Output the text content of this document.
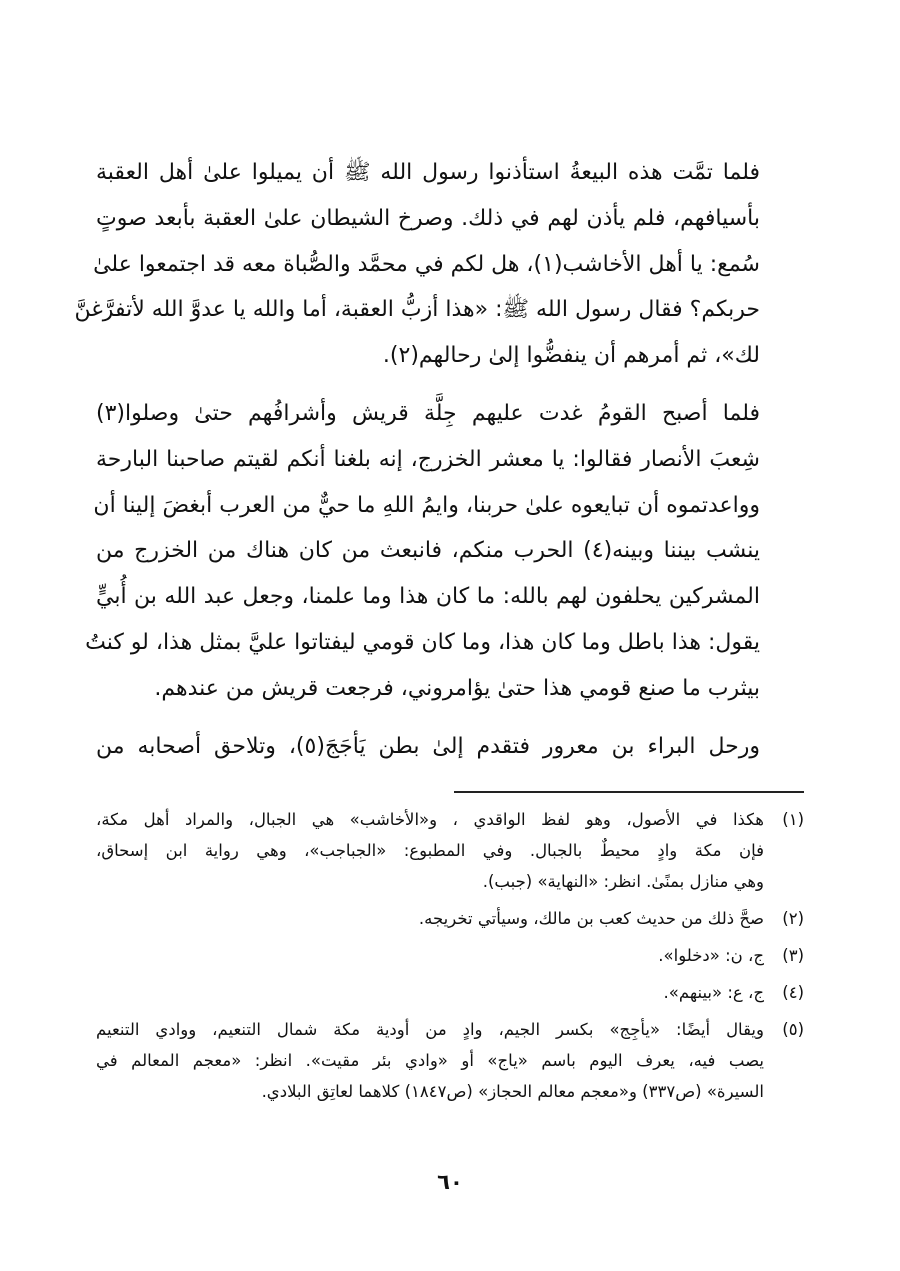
فلما تمَّت هذه البيعةُ استأذنوا رسول الله ﷺ أن يميلوا علىٰ أهل العقبة
بأسيافهم، فلم يأذن لهم في ذلك. وصرخ الشيطان علىٰ العقبة بأبعد صوتٍ
سُمع: يا أهل الأخاشب(١)، هل لكم في محمَّد والصُّباة معه قد اجتمعوا علىٰ
حربكم؟ فقال رسول الله ﷺ: «هذا أزبُّ العقبة، أما والله يا عدوَّ الله لأتفرَّغنَّ
لك»، ثم أمرهم أن ينفضُّوا إلىٰ رحالهم(٢).

فلما أصبح القومُ غدت عليهم جِلَّة قريش وأشرافُهم حتىٰ وصلوا(٣)
شِعبَ الأنصار فقالوا: يا معشر الخزرج، إنه بلغنا أنكم لقيتم صاحبنا البارحة
وواعدتموه أن تبايعوه علىٰ حربنا، وايمُ اللهِ ما حيٌّ من العرب أبغضَ إلينا أن
ينشب بيننا وبينه(٤) الحرب منكم، فانبعث من كان هناك من الخزرج من
المشركين يحلفون لهم بالله: ما كان هذا وما علمنا، وجعل عبد الله بن أُبيٍّ
يقول: هذا باطل وما كان هذا، وما كان قومي ليفتاتوا عليَّ بمثل هذا، لو كنتُ
بيثرب ما صنع قومي هذا حتىٰ يؤامروني، فرجعت قريش من عندهم.

ورحل البراء بن معرور فتقدم إلىٰ بطن يَأجَجَ(٥)، وتلاحق أصحابه من

(١)
هكذا في الأصول، وهو لفظ الواقدي ، و«الأخاشب» هي الجبال، والمراد أهل مكة،
فإن مكة وادٍ محيطٌ بالجبال. وفي المطبوع: «الجباجب»، وهي رواية ابن إسحاق،
وهي منازل بمنًىٰ. انظر: «النهاية» (جبب).
(٢)
صحَّ ذلك من حديث كعب بن مالك، وسيأتي تخريجه.
(٣)
ج، ن: «دخلوا».
(٤)
ج، ع: «بينهم».
(٥)
ويقال أيضًا: «يأجِج» بكسر الجيم، وادٍ من أودية مكة شمال التنعيم، ووادي التنعيم
يصب فيه، يعرف اليوم باسم «ياج» أو «وادي بئر مقيت». انظر: «معجم المعالم في
السيرة» (ص٣٣٧) و«معجم معالم الحجاز» (ص١٨٤٧) كلاهما لعاتِق البلادي.
٦٠
